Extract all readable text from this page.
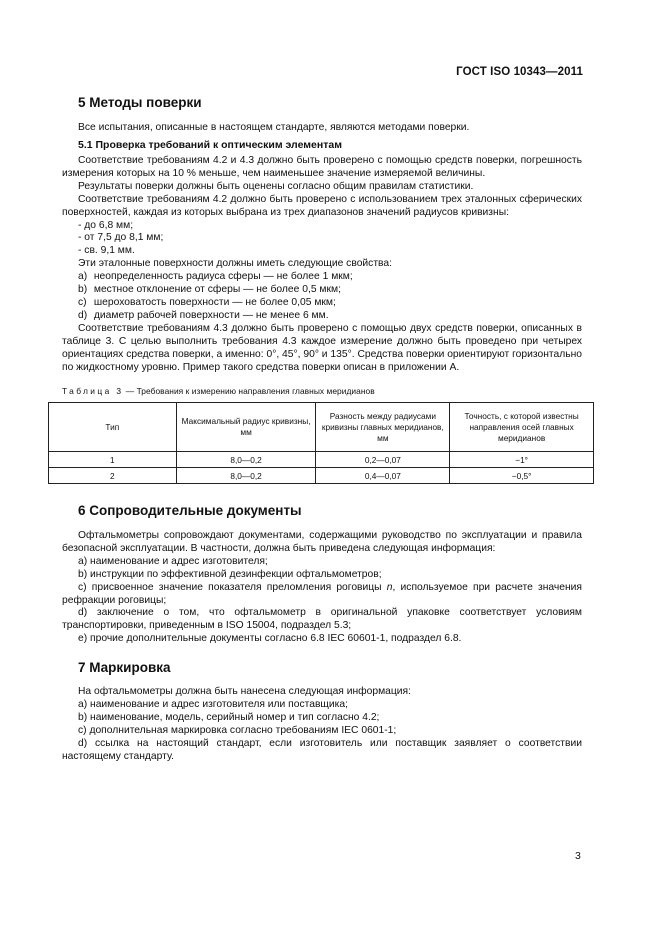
ГОСТ ISO 10343—2011
5 Методы поверки

Все испытания, описанные в настоящем стандарте, являются методами поверки.

5.1 Проверка требований к оптическим элементам

Соответствие требованиям 4.2 и 4.3 должно быть проверено с помощью средств поверки, погрешность измерения которых на 10 % меньше, чем наименьшее значение измеряемой величины.

Результаты поверки должны быть оценены согласно общим правилам статистики.

Соответствие требованиям 4.2 должно быть проверено с использованием трех эталонных сферических поверхностей, каждая из которых выбрана из трех диапазонов значений радиусов кривизны:

- до 6,8 мм;
- от 7,5 до 8,1 мм;
- св. 9,1 мм.

Эти эталонные поверхности должны иметь следующие свойства:

a) неопределенность радиуса сферы — не более 1 мкм;
b) местное отклонение от сферы — не более 0,5 мкм;
c) шероховатость поверхности — не более 0,05 мкм;
d) диаметр рабочей поверхности — не менее 6 мм.

Соответствие требованиям 4.3 должно быть проверено с помощью двух средств поверки, описанных в таблице 3. С целью выполнить требования 4.3 каждое измерение должно быть проведено при четырех ориентациях средства поверки, а именно: 0°, 45°, 90° и 135°. Средства поверки ориентируют горизонтально по жидкостному уровню. Пример такого средства поверки описан в приложении А.

Таблица 3 — Требования к измерению направления главных меридианов
Тип	Максимальный радиус кривизны, мм	Разность между радиусами кривизны главных меридианов, мм	Точность, с которой известны направления осей главных меридианов
1	8,0—0,2	0,2—0,07	−1°
2	8,0—0,2	0,4—0,07	−0,5°
6 Сопроводительные документы

Офтальмометры сопровождают документами, содержащими руководство по эксплуатации и правила безопасной эксплуатации. В частности, должна быть приведена следующая информация:

a) наименование и адрес изготовителя;

b) инструкции по эффективной дезинфекции офтальмометров;

c) присвоенное значение показателя преломления роговицы n, используемое при расчете значения рефракции роговицы;

d) заключение о том, что офтальмометр в оригинальной упаковке соответствует условиям транспортировки, приведенным в ISO 15004, подраздел 5.3;

e) прочие дополнительные документы согласно 6.8 IEC 60601-1, подраздел 6.8.

7 Маркировка

На офтальмометры должна быть нанесена следующая информация:

a) наименование и адрес изготовителя или поставщика;

b) наименование, модель, серийный номер и тип согласно 4.2;

c) дополнительная маркировка согласно требованиям IEC 0601-1;

d) ссылка на настоящий стандарт, если изготовитель или поставщик заявляет о соответствии настоящему стандарту.

3
